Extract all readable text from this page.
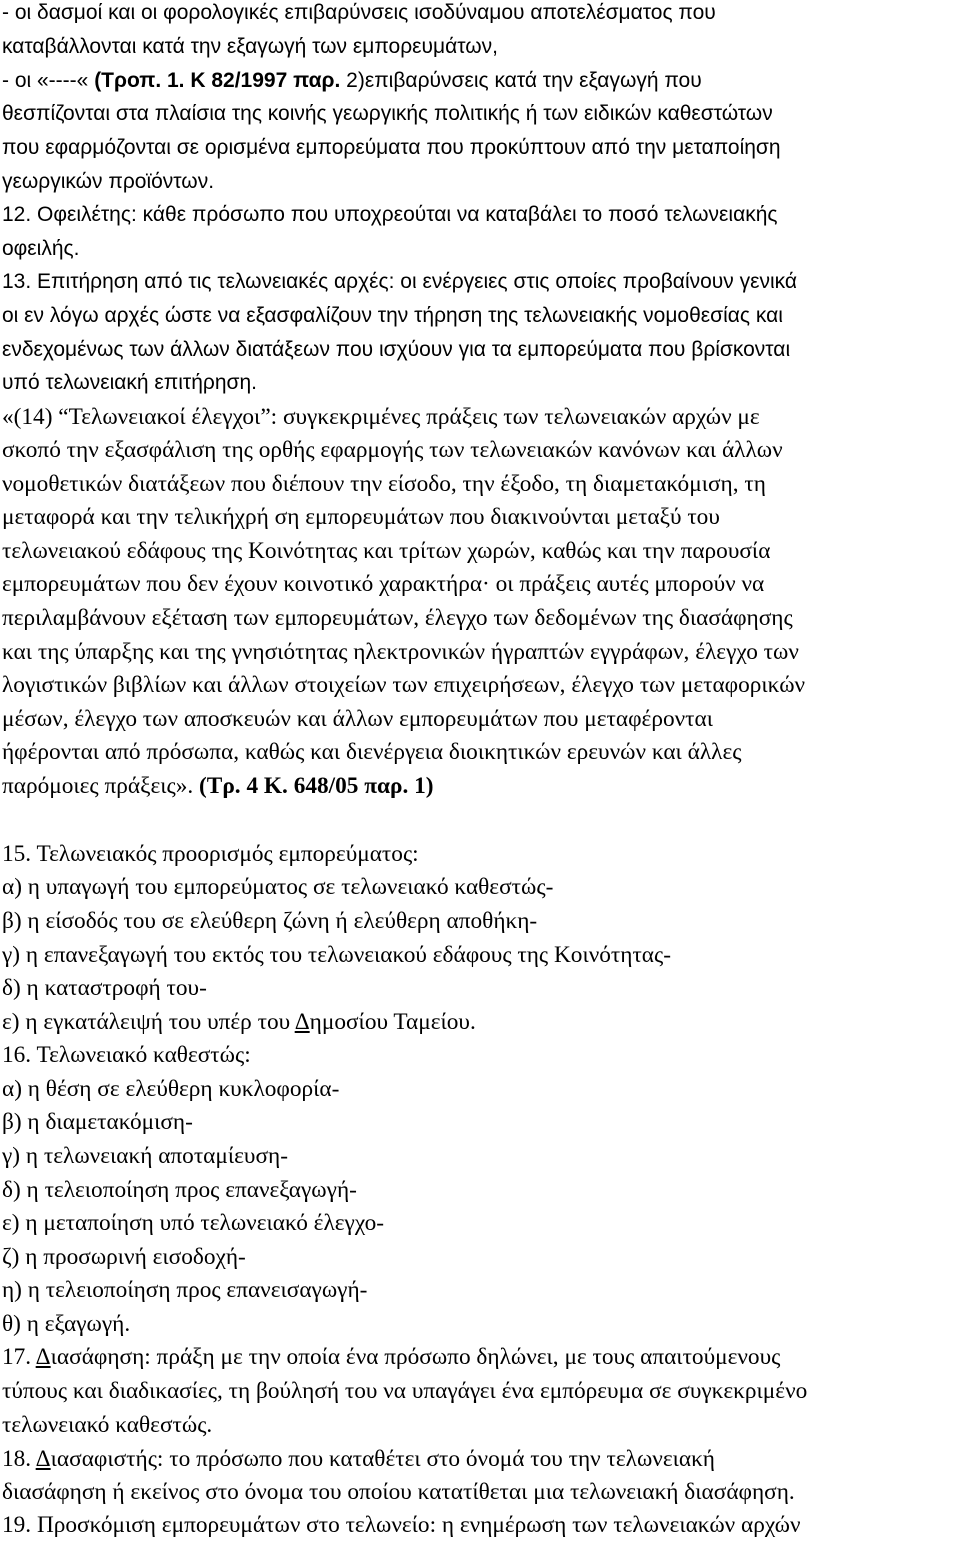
- οι δασμοί και οι φορολογικές επιβαρύνσεις ισοδύναμου αποτελέσματος που
καταβάλλονται κατά την εξαγωγή των εμπορευμάτων,
- οι «----« (Τροπ. 1. Κ 82/1997 παρ. 2)επιβαρύνσεις κατά την εξαγωγή που
θεσπίζονται στα πλαίσια της κοινής γεωργικής πολιτικής ή των ειδικών καθεστώτων
που εφαρμόζονται σε ορισμένα εμπορεύματα που προκύπτουν από την μεταποίηση
γεωργικών προϊόντων.
12. Οφειλέτης: κάθε πρόσωπο που υποχρεούται να καταβάλει το ποσό τελωνειακής
οφειλής.
13. Επιτήρηση από τις τελωνειακές αρχές: οι ενέργειες στις οποίες προβαίνουν γενικά
οι εν λόγω αρχές ώστε να εξασφαλίζουν την τήρηση της τελωνειακής νομοθεσίας και
ενδεχομένως των άλλων διατάξεων που ισχύουν για τα εμπορεύματα που βρίσκονται
υπό τελωνειακή επιτήρηση.
«(14) “Τελωνειακοί έλεγχοι”: συγκεκριμένες πράξεις των τελωνειακών αρχών με
σκοπό την εξασφάλιση της ορθής εφαρμογής των τελωνειακών κανόνων και άλλων
νομοθετικών διατάξεων που διέπουν την είσοδο, την έξοδο, τη διαμετακόμιση, τη
μεταφορά και την τελικήχρή ση εμπορευμάτων που διακινούνται μεταξύ του
τελωνειακού εδάφους της Κοινότητας και τρίτων χωρών, καθώς και την παρουσία
εμπορευμάτων που δεν έχουν κοινοτικό χαρακτήρα· οι πράξεις αυτές μπορούν να
περιλαμβάνουν εξέταση των εμπορευμάτων, έλεγχο των δεδομένων της διασάφησης
και της ύπαρξης και της γνησιότητας ηλεκτρονικών ήγραπτών εγγράφων, έλεγχο των
λογιστικών βιβλίων και άλλων στοιχείων των επιχειρήσεων, έλεγχο των μεταφορικών
μέσων, έλεγχο των αποσκευών και άλλων εμπορευμάτων που μεταφέρονται
ήφέρονται από πρόσωπα, καθώς και διενέργεια διοικητικών ερευνών και άλλες
παρόμοιες πράξεις». (Τρ. 4 Κ. 648/05 παρ. 1)
15. Τελωνειακός προορισμός εμπορεύματος:
α) η υπαγωγή του εμπορεύματος σε τελωνειακό καθεστώς-
β) η είσοδός του σε ελεύθερη ζώνη ή ελεύθερη αποθήκη-
γ) η επανεξαγωγή του εκτός του τελωνειακού εδάφους της Κοινότητας-
δ) η καταστροφή του-
ε) η εγκατάλειψή του υπέρ του Δημοσίου Ταμείου.
16. Τελωνειακό καθεστώς:
α) η θέση σε ελεύθερη κυκλοφορία-
β) η διαμετακόμιση-
γ) η τελωνειακή αποταμίευση-
δ) η τελειοποίηση προς επανεξαγωγή-
ε) η μεταποίηση υπό τελωνειακό έλεγχο-
ζ) η προσωρινή εισοδοχή-
η) η τελειοποίηση προς επανεισαγωγή-
θ) η εξαγωγή.
17. Διασάφηση: πράξη με την οποία ένα πρόσωπο δηλώνει, με τους απαιτούμενους
τύπους και διαδικασίες, τη βούλησή του να υπαγάγει ένα εμπόρευμα σε συγκεκριμένο
τελωνειακό καθεστώς.
18. Διασαφιστής: το πρόσωπο που καταθέτει στο όνομά του την τελωνειακή
διασάφηση ή εκείνος στο όνομα του οποίου κατατίθεται μια τελωνειακή διασάφηση.
19. Προσκόμιση εμπορευμάτων στο τελωνείο: η ενημέρωση των τελωνειακών αρχών
